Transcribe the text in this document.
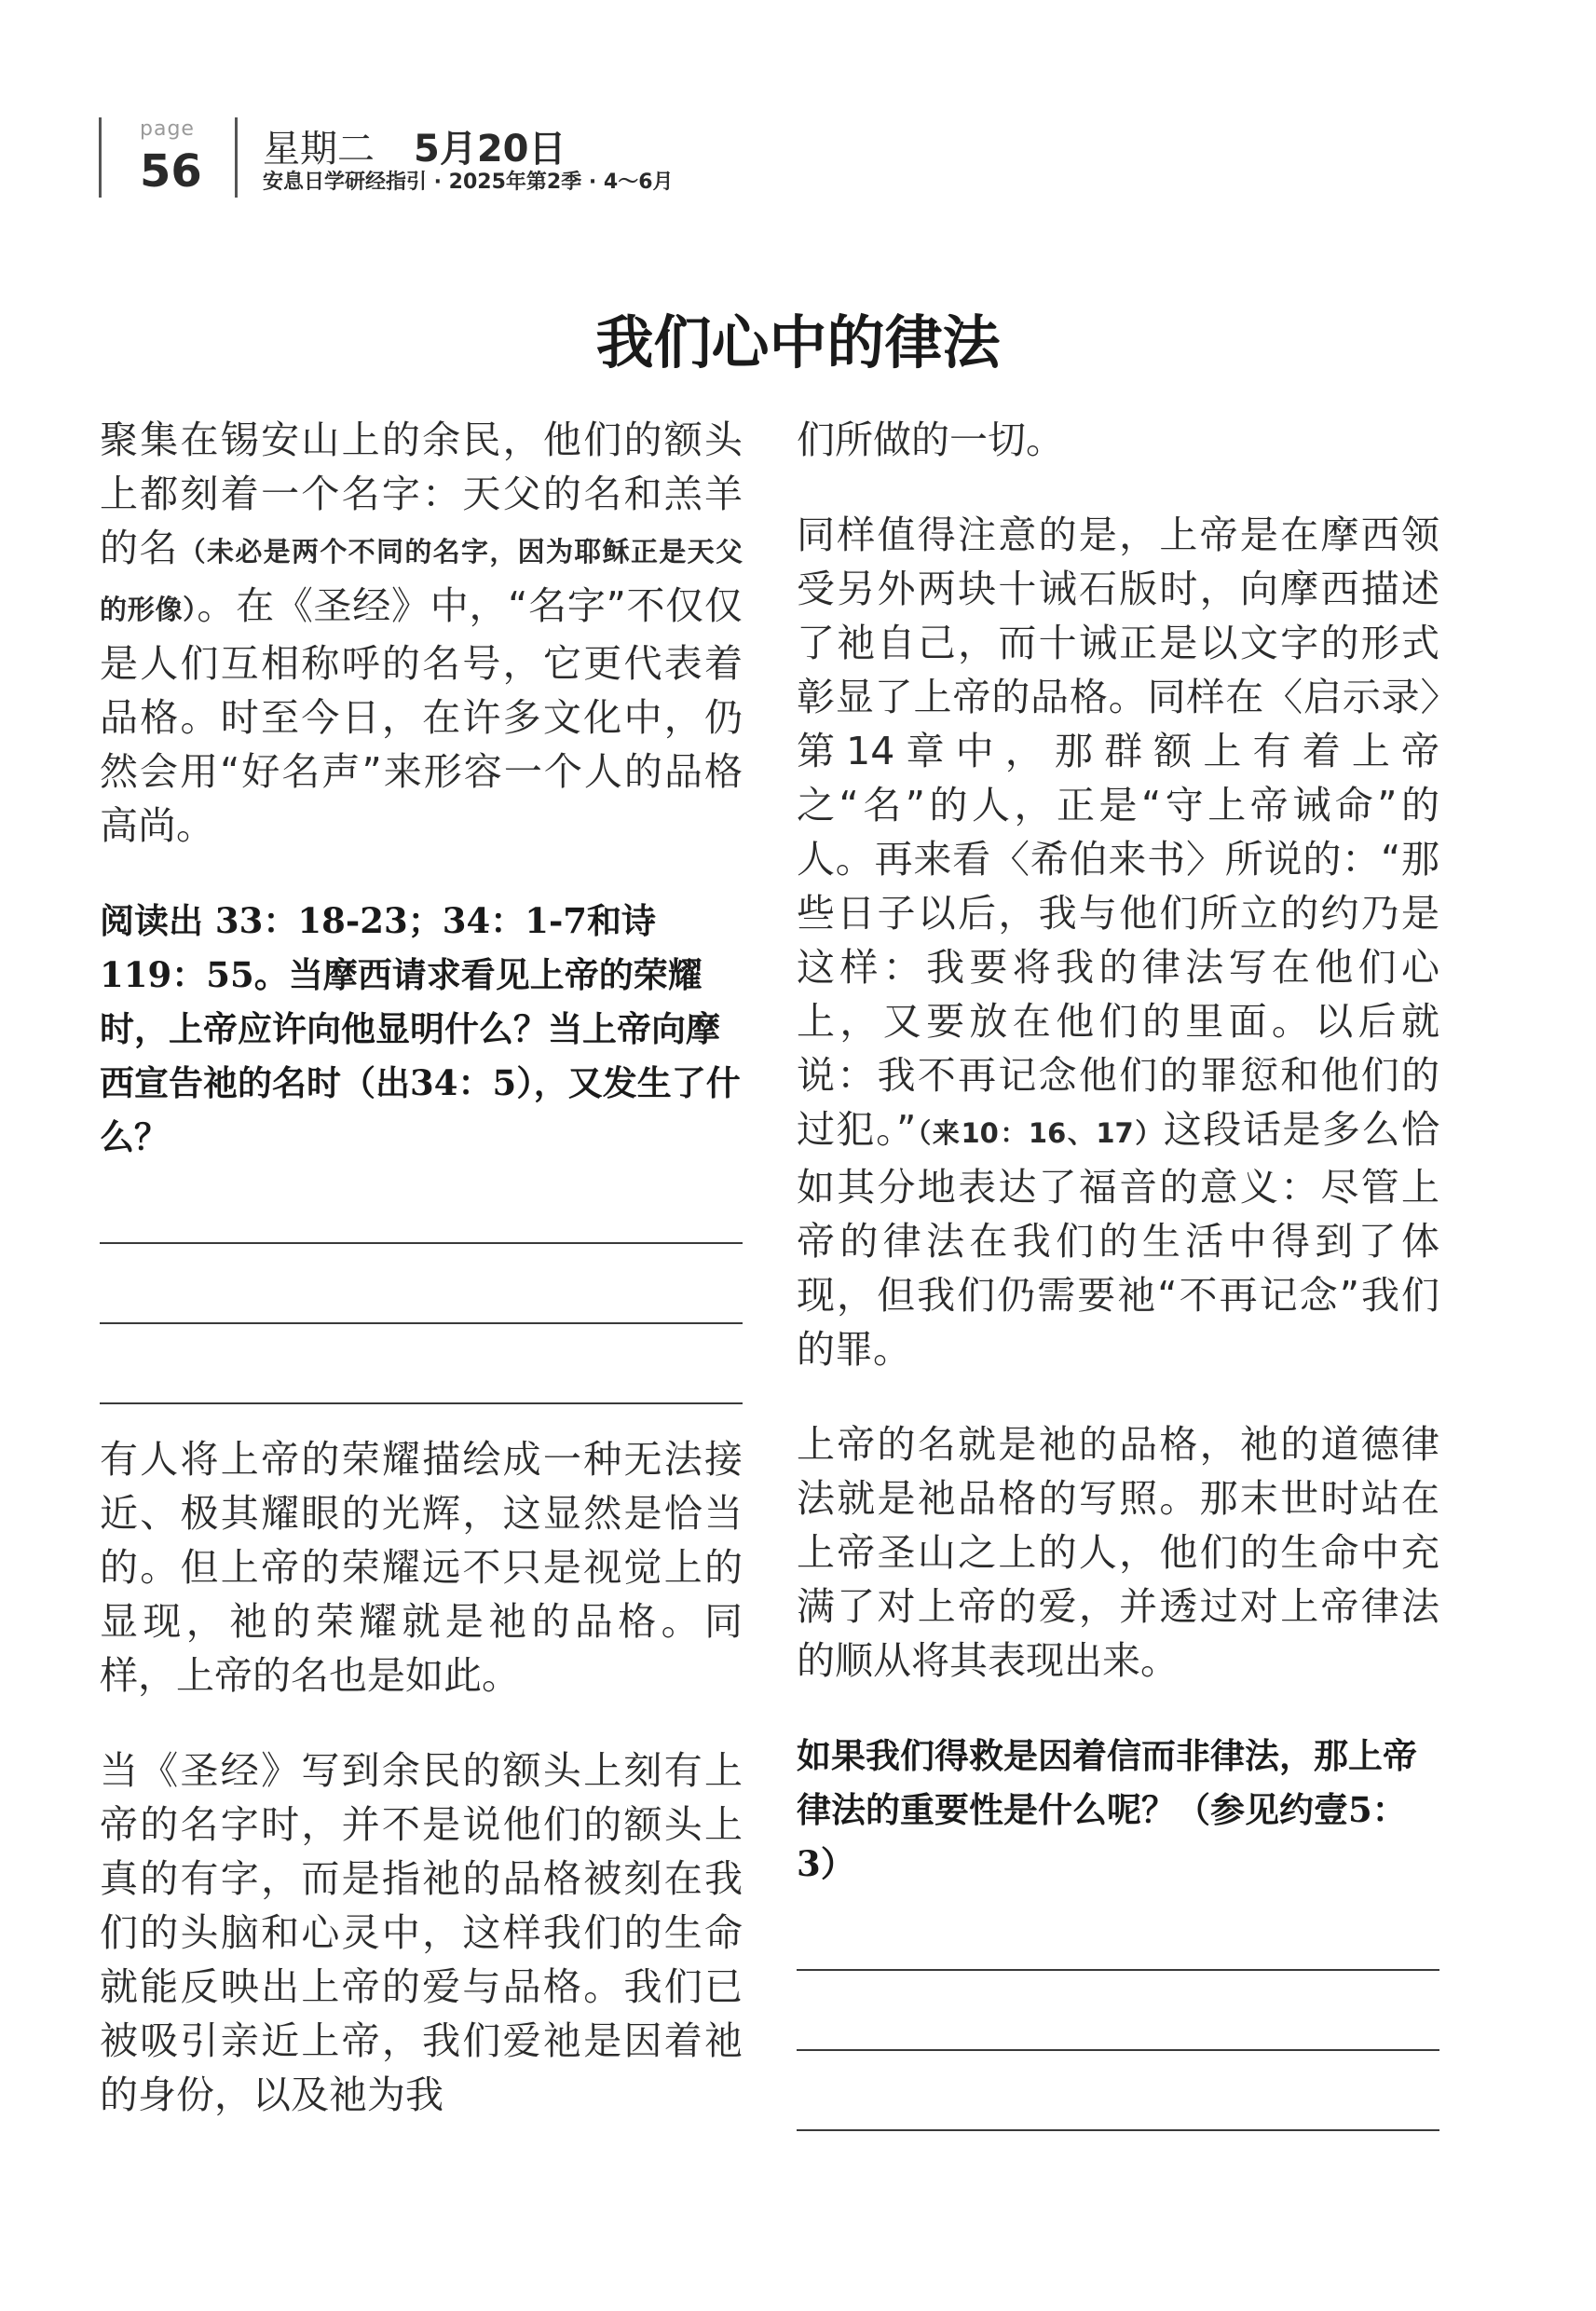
page
56 星期二 5月20日
安息日学研经指引 · 2025年第2季 · 4～6月
我们心中的律法

聚集在锡安山上的余民，他们的额头上都刻着一个名字：天父的名和羔羊的名（未必是两个不同的名字，因为耶稣正是天父的形像）。在《圣经》中，“名字”不仅仅是人们互相称呼的名号，它更代表着品格。时至今日，在许多文化中，仍然会用“好名声”来形容一个人的品格高尚。

阅读出 33：18-23；34：1-7和诗119：55。当摩西请求看见上帝的荣耀时，上帝应许向他显明什么？当上帝向摩西宣告祂的名时（出34：5），又发生了什么？

有人将上帝的荣耀描绘成一种无法接近、极其耀眼的光辉，这显然是恰当的。但上帝的荣耀远不只是视觉上的显现，祂的荣耀就是祂的品格。同样，上帝的名也是如此。

当《圣经》写到余民的额头上刻有上帝的名字时，并不是说他们的额头上真的有字，而是指祂的品格被刻在我们的头脑和心灵中，这样我们的生命就能反映出上帝的爱与品格。我们已被吸引亲近上帝，我们爱祂是因着祂的身份，以及祂为我

们所做的一切。

同样值得注意的是，上帝是在摩西领受另外两块十诫石版时，向摩西描述了祂自己，而十诫正是以文字的形式彰显了上帝的品格。同样在〈启示录〉第14章中，那群额上有着上帝之“名”的人，正是“守上帝诫命”的人。再来看〈希伯来书〉所说的：“那些日子以后，我与他们所立的约乃是这样：我要将我的律法写在他们心上，又要放在他们的里面。以后就说：我不再记念他们的罪愆和他们的过犯。”（来10：16、17）这段话是多么恰如其分地表达了福音的意义：尽管上帝的律法在我们的生活中得到了体现，但我们仍需要祂“不再记念”我们的罪。

上帝的名就是祂的品格，祂的道德律法就是祂品格的写照。那末世时站在上帝圣山之上的人，他们的生命中充满了对上帝的爱，并透过对上帝律法的顺从将其表现出来。

如果我们得救是因着信而非律法，那上帝律法的重要性是什么呢？（参见约壹5：3）
